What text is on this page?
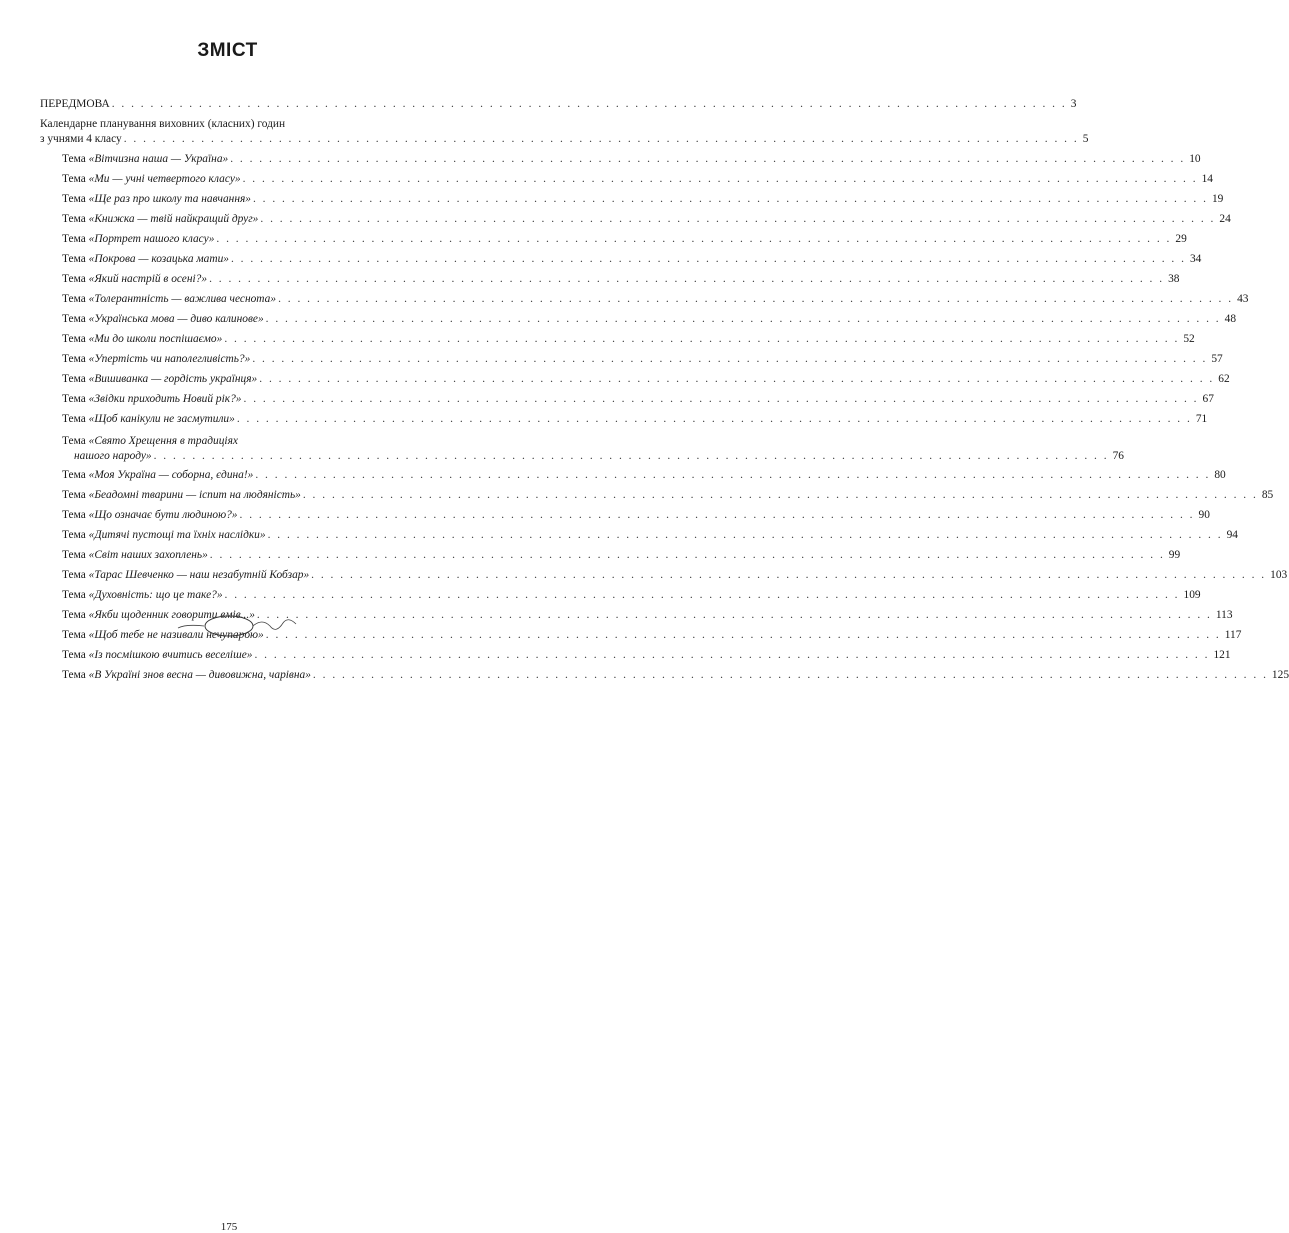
ЗМІСТ
ПЕРЕДМОВА . . .	3
Календарне планування виховних (класних) годин
з учнями 4 класу . . .	5
Тема «Вітчизна наша — Україна» . . .	10
Тема «Ми — учні четвертого класу» . . .	14
Тема «Ще раз про школу та навчання» . . .	19
Тема «Книжка — твій найкращий друг» . . .	24
Тема «Портрет нашого класу» . . .	29
Тема «Покрова — козацька мати» . . .	34
Тема «Який настрій в осені?» . . .	38
Тема «Толерантність — важлива чеснота» . . .	43
Тема «Українська мова — диво калинове» . . .	48
Тема «Ми до школи поспішаємо» . . .	52
Тема «Упертість чи наполегливість?» . . .	57
Тема «Вишиванка — гордість українця» . . .	62
Тема «Звідки приходить Новий рік?» . . .	67
Тема «Щоб канікули не засмутили» . . .	71
Тема «Свято Хрещення в традиціях
нашого народу» . . .	76
Тема «Моя Україна — соборна, єдина!» . . .	80
Тема «Беадомні тварини — іспит на людяність» . . .	85
Тема «Що означає бути людиною?» . . .	90
Тема «Дитячі пустощі та їхніх наслідки» . . .	94
Тема «Світ наших захоплень» . . .	99
Тема «Тарас Шевченко — наш незабутній Кобзар» . . .	103
Тема «Духовність: що це таке?» . . .	109
Тема «Якби щоденник говорити вмів...» . . .	113
Тема «Щоб тебе не називали нечупарою» . . .	117
Тема «Із посмішкою вчитись веселіше» . . .	121
Тема «В Україні знов весна — дивовижна, чарівна» . . .	125
175
